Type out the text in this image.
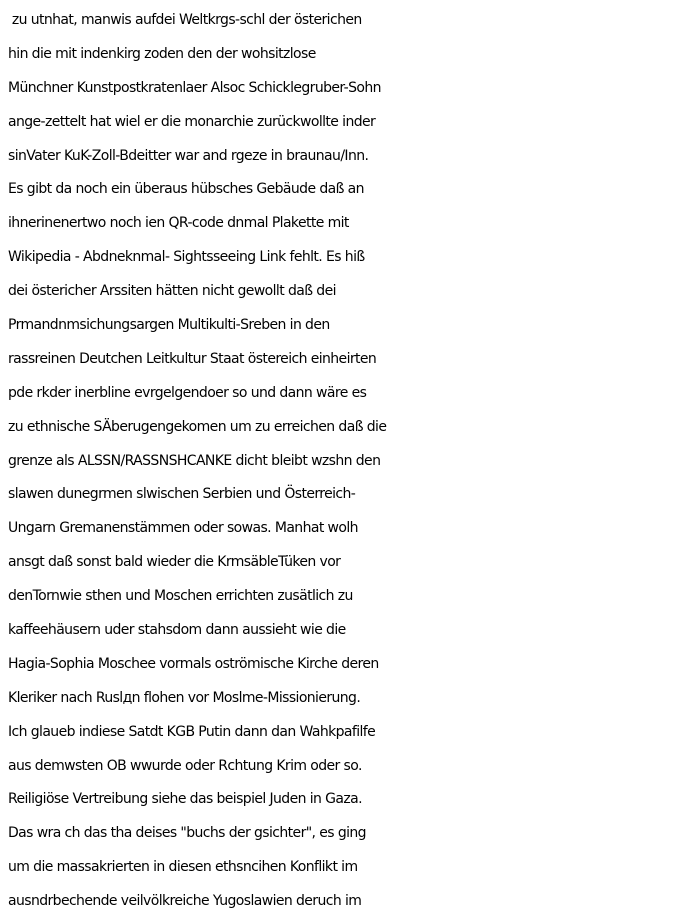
zu utnhat, manwis aufdei Weltkrgs-schl der österichen
hin die mit indenkirg zoden den der wohsitzlose
Münchner Kunstpostkratenlaer Alsoc Schicklegruber-Sohn
ange-zettelt hat wiel er die monarchie zurückwollte inder
sinVater KuK-Zoll-Bdeitter war and rgeze in braunau/Inn.
Es gibt da noch ein überaus hübsches Gebäude daß an
ihnerinenertwo noch ien QR-code dnmal Plakette mit
Wikipedia - Abdneknmal- Sightsseeing Link fehlt. Es hiß
dei östericher Arssiten hätten nicht gewollt daß dei
Prmandnmsichungsargen Multikulti-Sreben in den
rassreinen Deutchen Leitkultur Staat östereich einheirten
pde rkder inerbline evrgelgendoer so und dann wäre es
zu ethnische SÄberugengekomen um zu erreichen daß die
grenze als ALSSN/RASSNSHCANKE dicht bleibt wzshn den
slawen dunegrmen slwischen Serbien und Österreich-
Ungarn Gremanenstämmen oder sowas. Manhat wolh
ansgt daß sonst bald wieder die KrmsäbleTüken vor
denTornwie sthen und Moschen errichten zusätlich zu
kaffeehäusern uder stahsdom dann aussieht wie die
Hagia-Sophia Moschee vormals oströmische Kirche deren
Kleriker nach Ruslдn flohen vor Moslme-Missionierung.
Ich glaueb indiese Satdt KGB Putin dann dan Wahkpafilfe
aus demwsten OB wwurde oder Rchtung Krim oder so.
Reiligiöse Vertreibung siehe das beispiel Juden in Gaza.
Das wra ch das tha deises "buchs der gsichter", es ging
um die massakrierten in diesen ethsncihen Konflikt im
ausndrbechende veilvölkreiche Yugoslawien deruch im
